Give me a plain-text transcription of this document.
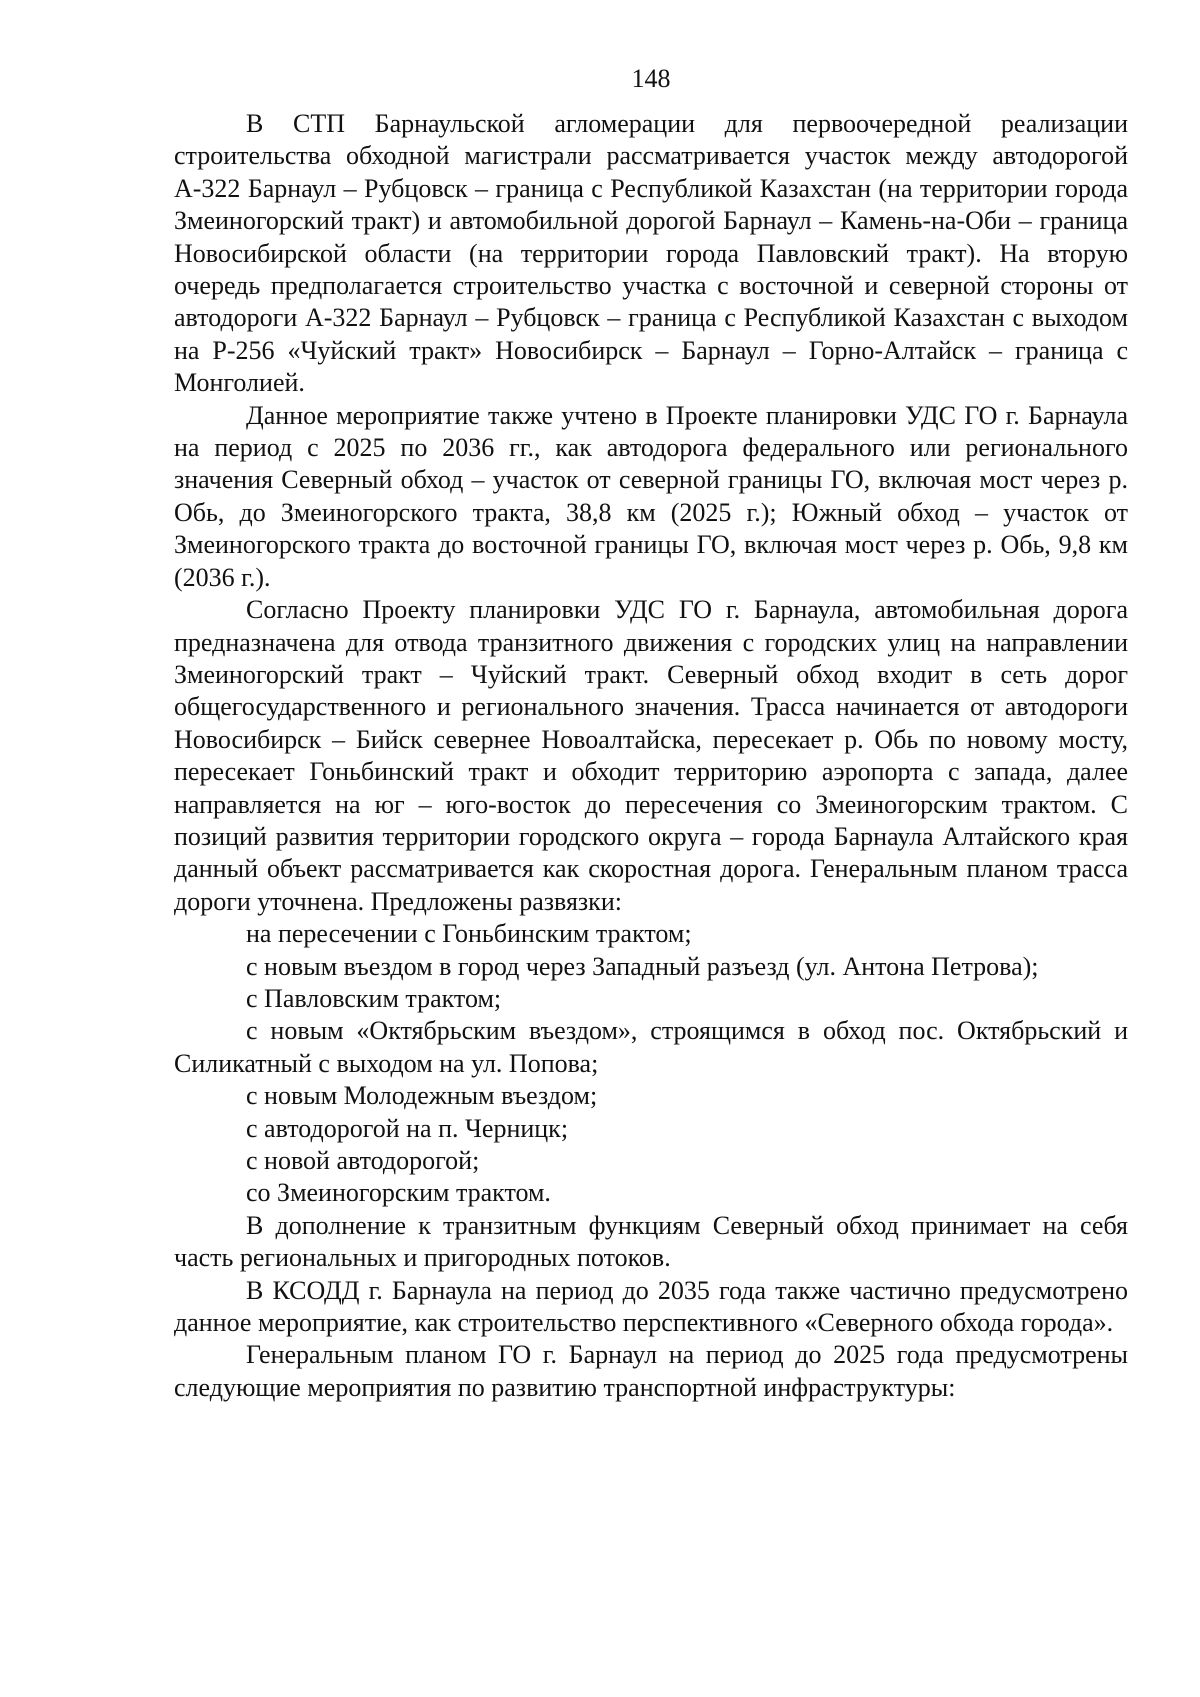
148

В СТП Барнаульской агломерации для первоочередной реализации строительства обходной магистрали рассматривается участок между автодорогой А-322 Барнаул – Рубцовск – граница с Республикой Казахстан (на территории города Змеиногорский тракт) и автомобильной дорогой Барнаул – Камень-на-Оби – граница Новосибирской области (на территории города Павловский тракт). На вторую очередь предполагается строительство участка с восточной и северной стороны от автодороги А-322 Барнаул – Рубцовск – граница с Республикой Казахстан с выходом на Р-256 «Чуйский тракт» Новосибирск – Барнаул – Горно-Алтайск – граница с Монголией.

Данное мероприятие также учтено в Проекте планировки УДС ГО г. Барнаула на период с 2025 по 2036 гг., как автодорога федерального или регионального значения Северный обход – участок от северной границы ГО, включая мост через р. Обь, до Змеиногорского тракта, 38,8 км (2025 г.); Южный обход – участок от Змеиногорского тракта до восточной границы ГО, включая мост через р. Обь, 9,8 км (2036 г.).

Согласно Проекту планировки УДС ГО г. Барнаула, автомобильная дорога предназначена для отвода транзитного движения с городских улиц на направлении Змеиногорский тракт – Чуйский тракт. Северный обход входит в сеть дорог общегосударственного и регионального значения. Трасса начинается от автодороги Новосибирск – Бийск севернее Новоалтайска, пересекает р. Обь по новому мосту, пересекает Гоньбинский тракт и обходит территорию аэропорта с запада, далее направляется на юг – юго-восток до пересечения со Змеиногорским трактом. С позиций развития территории городского округа – города Барнаула Алтайского края данный объект рассматривается как скоростная дорога. Генеральным планом трасса дороги уточнена. Предложены развязки:

на пересечении с Гоньбинским трактом;

с новым въездом в город через Западный разъезд (ул. Антона Петрова);

с Павловским трактом;

с новым «Октябрьским въездом», строящимся в обход пос. Октябрьский и Силикатный с выходом на ул. Попова;

с новым Молодежным въездом;

с автодорогой на п. Черницк;

с новой автодорогой;

со Змеиногорским трактом.

В дополнение к транзитным функциям Северный обход принимает на себя часть региональных и пригородных потоков.

В КСОДД г. Барнаула на период до 2035 года также частично предусмотрено данное мероприятие, как строительство перспективного «Северного обхода города».

Генеральным планом ГО г. Барнаул на период до 2025 года предусмотрены следующие мероприятия по развитию транспортной инфраструктуры:
